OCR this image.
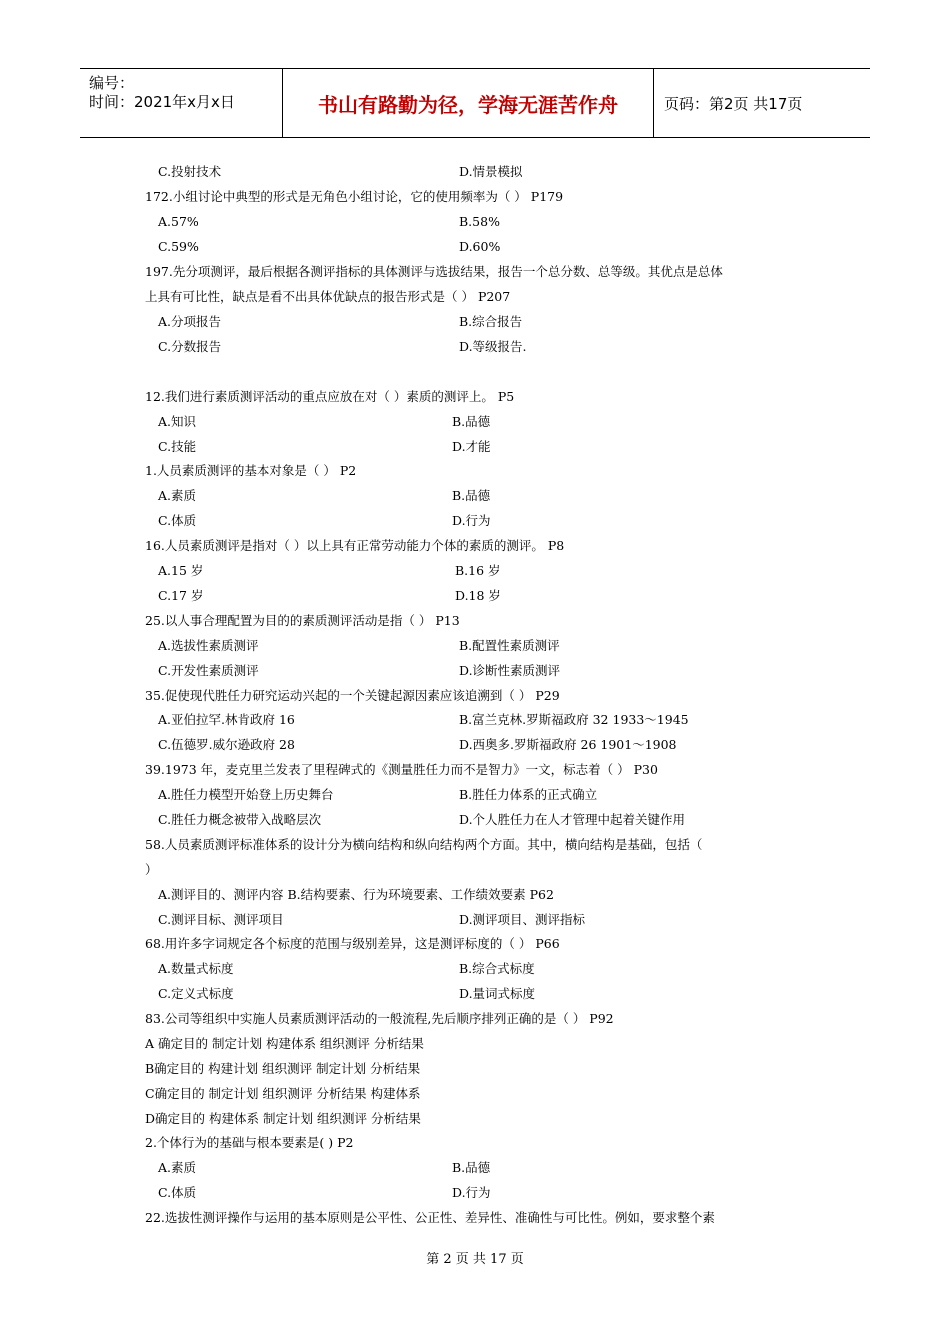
编号：
时间：2021年x月x日	书山有路勤为径，学海无涯苦作舟	页码：第2页 共17页
C.投射技术	D.情景模拟
172.小组讨论中典型的形式是无角色小组讨论，它的使用频率为（ ） P179
A.57%	B.58%
C.59%	D.60%
197.先分项测评，最后根据各测评指标的具体测评与选拔结果，报告一个总分数、总等级。其优点是总体
上具有可比性，缺点是看不出具体优缺点的报告形式是（ ） P207
A.分项报告	B.综合报告
C.分数报告	D.等级报告.
12.我们进行素质测评活动的重点应放在对（ ）素质的测评上。 P5
A.知识	B.品德
C.技能	D.才能
1.人员素质测评的基本对象是（ ） P2
A.素质	B.品德
C.体质	D.行为
16.人员素质测评是指对（ ）以上具有正常劳动能力个体的素质的测评。 P8
A.15 岁	B.16 岁
C.17 岁	D.18 岁
25.以人事合理配置为目的的素质测评活动是指（ ） P13
A.选拔性素质测评	B.配置性素质测评
C.开发性素质测评	D.诊断性素质测评
35.促使现代胜任力研究运动兴起的一个关键起源因素应该追溯到（ ） P29
A.亚伯拉罕.林肯政府 16	B.富兰克林.罗斯福政府 32 1933～1945
C.伍德罗.威尔逊政府 28	D.西奥多.罗斯福政府 26 1901～1908
39.1973 年，麦克里兰发表了里程碑式的《测量胜任力而不是智力》一文，标志着（ ） P30
A.胜任力模型开始登上历史舞台	B.胜任力体系的正式确立
C.胜任力概念被带入战略层次	D.个人胜任力在人才管理中起着关键作用
58.人员素质测评标准体系的设计分为横向结构和纵向结构两个方面。其中，横向结构是基础，包括（
）
A.测评目的、测评内容 B.结构要素、行为环境要素、工作绩效要素 P62
C.测评目标、测评项目	D.测评项目、测评指标
68.用许多字词规定各个标度的范围与级别差异，这是测评标度的（ ） P66
A.数量式标度	B.综合式标度
C.定义式标度	D.量词式标度
83.公司等组织中实施人员素质测评活动的一般流程,先后顺序排列正确的是（ ） P92
A 确定目的 制定计划 构建体系 组织测评 分析结果
B确定目的 构建计划 组织测评 制定计划 分析结果
C确定目的 制定计划 组织测评 分析结果 构建体系
D确定目的 构建体系 制定计划 组织测评 分析结果
2.个体行为的基础与根本要素是( ) P2
A.素质	B.品德
C.体质	D.行为
22.选拔性测评操作与运用的基本原则是公平性、公正性、差异性、准确性与可比性。例如，要求整个素
第 2 页 共 17 页
